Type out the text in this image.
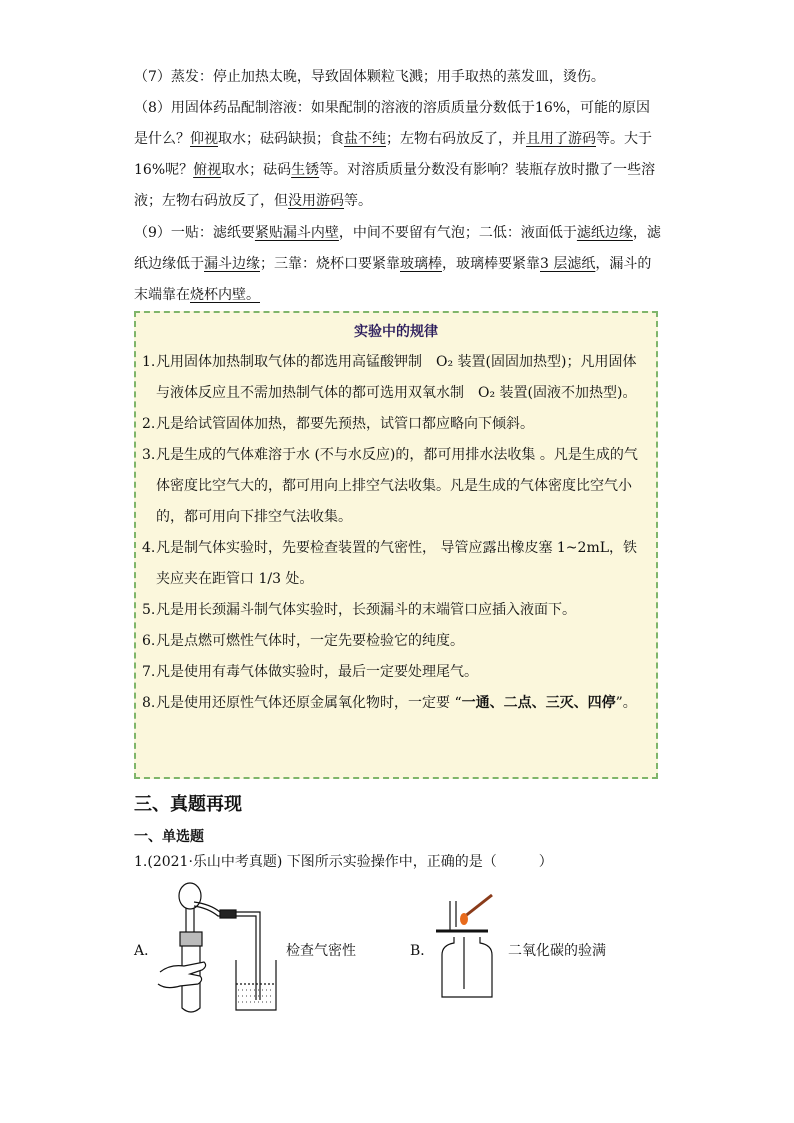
（7）蒸发：停止加热太晚，导致固体颗粒飞溅；用手取热的蒸发皿，烫伤。
（8）用固体药品配制溶液：如果配制的溶液的溶质质量分数低于16%，可能的原因是什么？仰视取水；砝码缺损；食盐不纯；左物右码放反了，并且用了游码等。大于 16%呢？俯视取水；砝码生锈等。对溶质质量分数没有影响？装瓶存放时撒了一些溶液；左物右码放反了，但没用游码等。
（9）一贴：滤纸要紧贴漏斗内壁，中间不要留有气泡；二低：液面低于滤纸边缘，滤纸边缘低于漏斗边缘；三靠：烧杯口要紧靠玻璃棒，玻璃棒要紧靠3 层滤纸，漏斗的末端靠在烧杯内壁。
实验中的规律
1. 凡用固体加热制取气体的都选用高锰酸钾制　O₂ 装置(固固加热型)；凡用固体与液体反应且不需加热制气体的都可选用双氧水制　O₂ 装置(固液不加热型)。
2. 凡是给试管固体加热，都要先预热，试管口都应略向下倾斜。
3. 凡是生成的气体难溶于水 (不与水反应)的，都可用排水法收集 。凡是生成的气体密度比空气大的，都可用向上排空气法收集。凡是生成的气体密度比空气小的，都可用向下排空气法收集。
4. 凡是制气体实验时，先要检查装置的气密性， 导管应露出橡皮塞 1~2mL，铁夹应夹在距管口 1/3 处。
5. 凡是用长颈漏斗制气体实验时，长颈漏斗的末端管口应插入液面下。
6. 凡是点燃可燃性气体时，一定先要检验它的纯度。
7. 凡是使用有毒气体做实验时，最后一定要处理尾气。
8. 凡是使用还原性气体还原金属氧化物时，一定要 “一通、二点、三灭、四停”。
三、真题再现
一、单选题
1.(2021·乐山中考真题) 下图所示实验操作中，正确的是（　　　）
A．	检查气密性	B．	二氧化碳的验满
